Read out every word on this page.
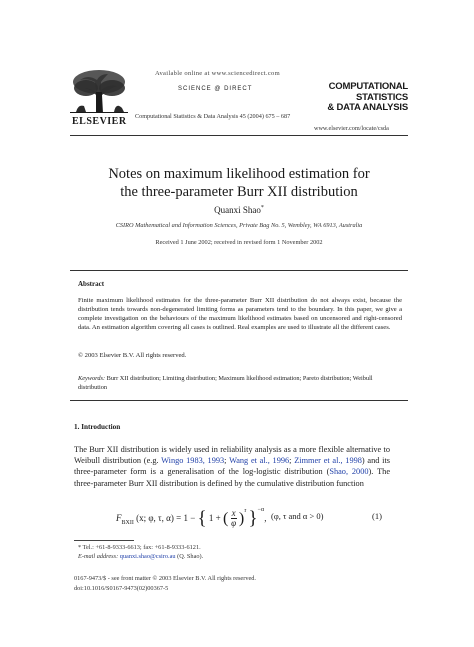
ELSEVIER
Available online at www.sciencedirect.com
SCIENCE @ DIRECT
Computational Statistics & Data Analysis 45 (2004) 675 – 687
COMPUTATIONAL
STATISTICS
& DATA ANALYSIS
www.elsevier.com/locate/csda
Notes on maximum likelihood estimation for
the three-parameter Burr XII distribution
Quanxi Shao*
CSIRO Mathematical and Information Sciences, Private Bag No. 5, Wembley, WA 6913, Australia
Received 1 June 2002; received in revised form 1 November 2002
Abstract
Finite maximum likelihood estimates for the three-parameter Burr XII distribution do not always exist, because the distribution tends towards non-degenerated limiting forms as parameters tend to the boundary. In this paper, we give a complete investigation on the behaviours of the maximum likelihood estimates based on uncensored and right-censored data. An estimation algorithm covering all cases is outlined. Real examples are used to illustrate all the different cases.
© 2003 Elsevier B.V. All rights reserved.
Keywords: Burr XII distribution; Limiting distribution; Maximum likelihood estimation; Pareto distribution; Weibull distribution
1. Introduction
The Burr XII distribution is widely used in reliability analysis as a more flexible alternative to Weibull distribution (e.g. Wingo 1983, 1993; Wang et al., 1996; Zimmer et al., 1998) and its three-parameter form is a generalisation of the log-logistic distribution (Shao, 2000). The three-parameter Burr XII distribution is defined by the cumulative distribution function
$F_{BXII}$ (x; φ, τ, α) = 1 − { 1 + ( $\frac{x}{\varphi} )^\tau$ }$^{-\alpha}$, (φ, τ and α > 0)	(1)
* Tel.: +61-8-9333-6613; fax: +61-8-9333-6121.
E-mail address: quanxi.shao@csiro.au (Q. Shao).
0167-9473/$ - see front matter © 2003 Elsevier B.V. All rights reserved.
doi:10.1016/S0167-9473(02)00367-5
